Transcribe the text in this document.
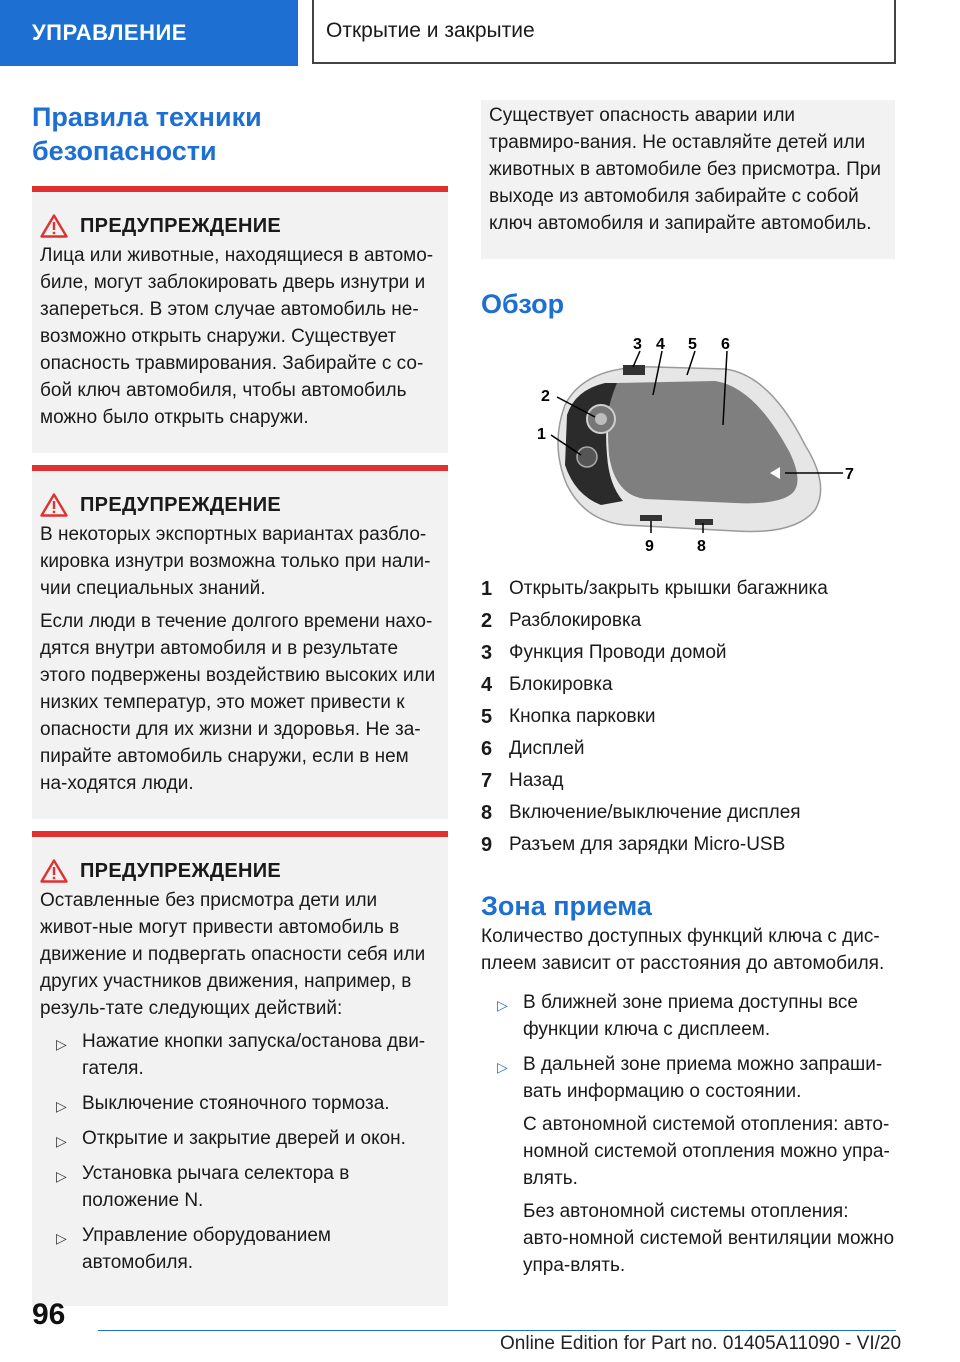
УПРАВЛЕНИЕ	Открытие и закрытие
Правила техники безопасности
ПРЕДУПРЕЖДЕНИЕ

Лица или животные, находящиеся в автомо-биле, могут заблокировать дверь изнутри и запереться. В этом случае автомобиль не-возможно открыть снаружи. Существует опасность травмирования. Забирайте с со-бой ключ автомобиля, чтобы автомобиль можно было открыть снаружи.

ПРЕДУПРЕЖДЕНИЕ

В некоторых экспортных вариантах разбло-кировка изнутри возможна только при нали-чии специальных знаний.

Если люди в течение долгого времени нахо-дятся внутри автомобиля и в результате этого подвержены воздействию высоких или низких температур, это может привести к опасности для их жизни и здоровья. Не за-пирайте автомобиль снаружи, если в нем на-ходятся люди.

ПРЕДУПРЕЖДЕНИЕ

Оставленные без присмотра дети или живот-ные могут привести автомобиль в движение и подвергать опасности себя или других участников движения, например, в резуль-тате следующих действий:

▷ Нажатие кнопки запуска/останова дви-гателя.
▷ Выключение стояночного тормоза.
▷ Открытие и закрытие дверей и окон.
▷ Установка рычага селектора в положение N.
▷ Управление оборудованием автомобиля.
Существует опасность аварии или травмиро-вания. Не оставляйте детей или животных в автомобиле без присмотра. При выходе из автомобиля забирайте с собой ключ автомобиля и запирайте автомобиль.
Обзор
3 4 5 6
2
1
7
8
9
1 Открыть/закрыть крышки багажника
2 Разблокировка
3 Функция Проводи домой
4 Блокировка
5 Кнопка парковки
6 Дисплей
7 Назад
8 Включение/выключение дисплея
9 Разъем для зарядки Micro-USB
Зона приема

Количество доступных функций ключа с дис-плеем зависит от расстояния до автомобиля.

▷ В ближней зоне приема доступны все функции ключа с дисплеем.
▷ В дальней зоне приема можно запраши-вать информацию о состоянии.

С автономной системой отопления: авто-номной системой отопления можно упра-влять.

Без автономной системы отопления: авто-номной системой вентиляции можно упра-влять.

96
Online Edition for Part no. 01405A11090 - VI/20
